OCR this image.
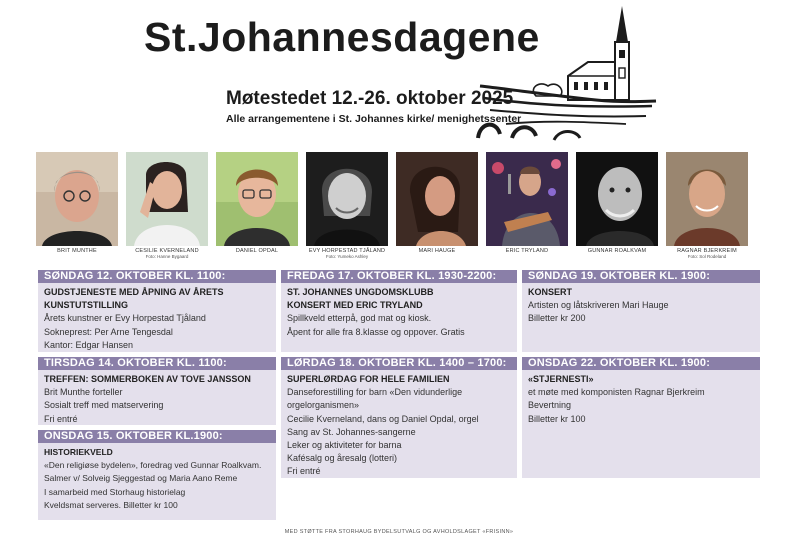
St.Johannesdagene
Møtestedet 12.-26. oktober 2025
Alle arrangementene i St. Johannes kirke/ menighetssenter
BRIT MUNTHE	CESILIE KVERNELAND
Foto: Hanne Bygaard
DANIEL OPDAL	EVY HORPESTAD TJÅLAND
Foto: Yumeko Ashley
MARI HAUGE	ERIC TRYLAND	GUNNAR ROALKVAM	RAGNAR BJERKREIM
Foto: Sol Rodeland
SØNDAG 12. OKTOBER KL. 1100:
GUDSTJENESTE MED ÅPNING AV ÅRETS
KUNSTUTSTILLING
Årets kunstner er Evy Horpestad Tjåland
Sokneprest: Per Arne Tengesdal
Kantor: Edgar Hansen
TIRSDAG 14. OKTOBER KL. 1100:
TREFFEN: SOMMERBOKEN AV TOVE JANSSON
Brit Munthe forteller
Sosialt treff med matservering
Fri entré
ONSDAG 15. OKTOBER KL.1900:
HISTORIEKVELD
«Den religiøse bydelen», foredrag ved Gunnar Roalkvam.
Salmer v/ Solveig Sjeggestad og Maria Aano Reme
I samarbeid med Storhaug historielag
Kveldsmat serveres. Billetter kr 100
FREDAG 17. OKTOBER KL. 1930-2200:
ST. JOHANNES UNGDOMSKLUBB
KONSERT MED ERIC TRYLAND
Spillkveld etterpå, god mat og kiosk.
Åpent for alle fra 8.klasse og oppover. Gratis
LØRDAG 18. OKTOBER KL. 1400 – 1700:
SUPERLØRDAG FOR HELE FAMILIEN
Danseforestilling for barn «Den vidunderlige
orgelorganismen»
Cecilie Kverneland, dans og Daniel Opdal, orgel
Sang av St. Johannes-sangerne
Leker og aktiviteter for barna
Kafésalg og åresalg (lotteri)
Fri entré
SØNDAG 19. OKTOBER KL. 1900:
KONSERT
Artisten og låtskriveren Mari Hauge
Billetter kr 200
ONSDAG 22. OKTOBER KL. 1900:
«STJERNESTI»
et møte med komponisten Ragnar Bjerkreim
Bevertning
Billetter kr 100
MED STØTTE FRA STORHAUG BYDELSUTVALG OG AVHOLDSLAGET «FRISINN»
